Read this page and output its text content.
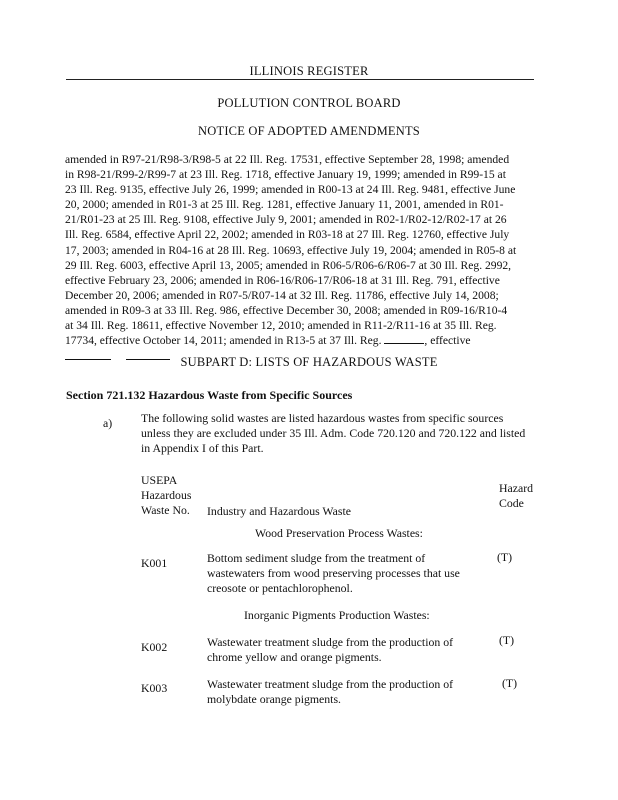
ILLINOIS REGISTER
POLLUTION CONTROL BOARD
NOTICE OF ADOPTED AMENDMENTS
amended in R97-21/R98-3/R98-5 at 22 Ill. Reg. 17531, effective September 28, 1998; amended
in R98-21/R99-2/R99-7 at 23 Ill. Reg. 1718, effective January 19, 1999; amended in R99-15 at
23 Ill. Reg. 9135, effective July 26, 1999; amended in R00-13 at 24 Ill. Reg. 9481, effective June
20, 2000; amended in R01-3 at 25 Ill. Reg. 1281, effective January 11, 2001, amended in R01-
21/R01-23 at 25 Ill. Reg. 9108, effective July 9, 2001; amended in R02-1/R02-12/R02-17 at 26
Ill. Reg. 6584, effective April 22, 2002; amended in R03-18 at 27 Ill. Reg. 12760, effective July
17, 2003; amended in R04-16 at 28 Ill. Reg. 10693, effective July 19, 2004; amended in R05-8 at
29 Ill. Reg. 6003, effective April 13, 2005; amended in R06-5/R06-6/R06-7 at 30 Ill. Reg. 2992,
effective February 23, 2006; amended in R06-16/R06-17/R06-18 at 31 Ill. Reg. 791, effective
December 20, 2006; amended in R07-5/R07-14 at 32 Ill. Reg. 11786, effective July 14, 2008;
amended in R09-3 at 33 Ill. Reg. 986, effective December 30, 2008; amended in R09-16/R10-4
at 34 Ill. Reg. 18611, effective November 12, 2010; amended in R11-2/R11-16 at 35 Ill. Reg.
17734, effective October 14, 2011; amended in R13-5 at 37 Ill. Reg.	, effective

SUBPART D: LISTS OF HAZARDOUS WASTE
Section 721.132 Hazardous Waste from Specific Sources
a) The following solid wastes are listed hazardous wastes from specific sources
unless they are excluded under 35 Ill. Adm. Code 720.120 and 720.122 and listed
in Appendix I of this Part.
USEPA
Hazardous
Waste No. Industry and Hazardous Waste
Hazard
Code
Wood Preservation Process Wastes:
K001	Bottom sediment sludge from the treatment of
wastewaters from wood preserving processes that use
creosote or pentachlorophenol.
(T)
Inorganic Pigments Production Wastes:
K002	Wastewater treatment sludge from the production of
chrome yellow and orange pigments.
(T)
K003	Wastewater treatment sludge from the production of
molybdate orange pigments.
(T)
